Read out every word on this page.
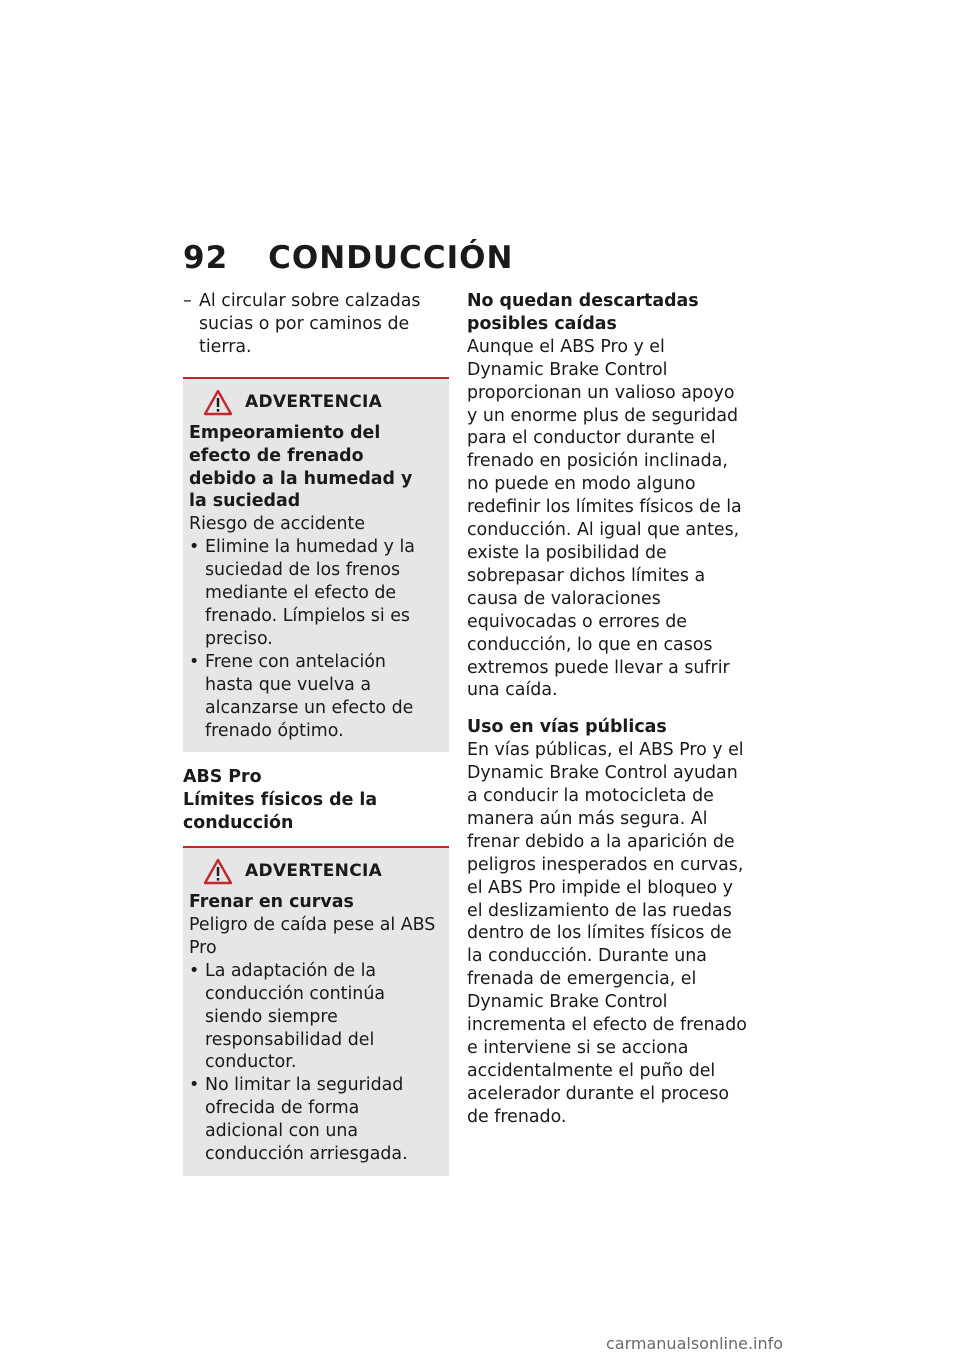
92 CONDUCCIÓN
– Al circular sobre calzadas sucias o por caminos de tierra.
ADVERTENCIA

Empeoramiento del efecto de frenado debido a la humedad y la suciedad

Riesgo de accidente

• Elimine la humedad y la suciedad de los frenos mediante el efecto de frenado. Límpielos si es preciso.
• Frene con antelación hasta que vuelva a alcanzarse un efecto de frenado óptimo.

ABS Pro

Límites físicos de la conducción

ADVERTENCIA

Frenar en curvas

Peligro de caída pese al ABS Pro

• La adaptación de la conducción continúa siendo siempre responsabilidad del conductor.
• No limitar la seguridad ofrecida de forma adicional con una conducción arriesgada.

No quedan descartadas posibles caídas

Aunque el ABS Pro y el Dynamic Brake Control proporcionan un valioso apoyo y un enorme plus de seguridad para el conductor durante el frenado en posición inclinada, no puede en modo alguno redefinir los límites físicos de la conducción. Al igual que antes, existe la posibilidad de sobrepasar dichos límites a causa de valoraciones equivocadas o errores de conducción, lo que en casos extremos puede llevar a sufrir una caída.

Uso en vías públicas

En vías públicas, el ABS Pro y el Dynamic Brake Control ayudan a conducir la motocicleta de manera aún más segura. Al frenar debido a la aparición de peligros inesperados en curvas, el ABS Pro impide el bloqueo y el deslizamiento de las ruedas dentro de los límites físicos de la conducción. Durante una frenada de emergencia, el Dynamic Brake Control incrementa el efecto de frenado e interviene si se acciona accidentalmente el puño del acelerador durante el proceso de frenado.

carmanualsonline.info
